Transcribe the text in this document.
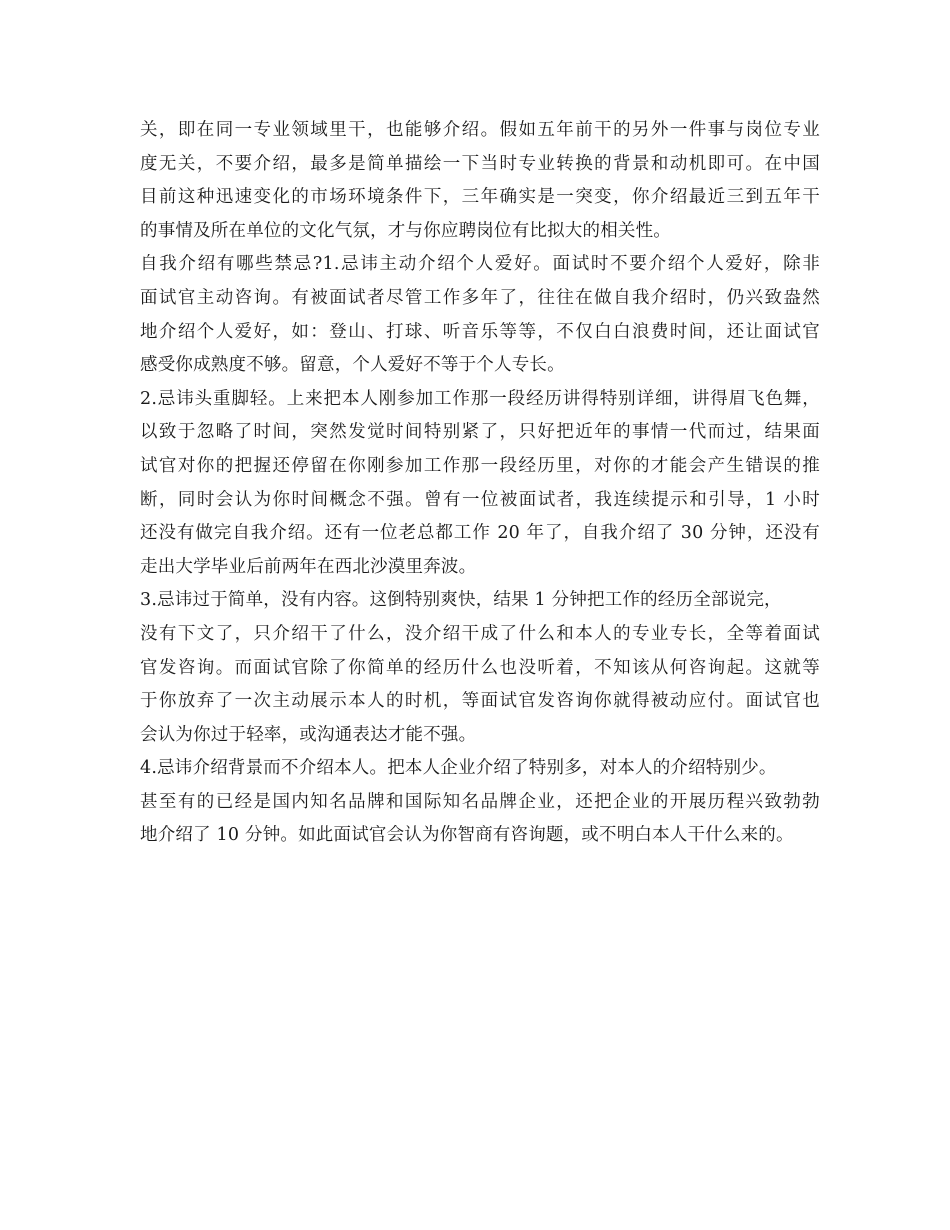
关，即在同一专业领域里干，也能够介绍。假如五年前干的另外一件事与岗位专业
度无关，不要介绍，最多是简单描绘一下当时专业转换的背景和动机即可。在中国
目前这种迅速变化的市场环境条件下，三年确实是一突变，你介绍最近三到五年干
的事情及所在单位的文化气氛，才与你应聘岗位有比拟大的相关性。
自我介绍有哪些禁忌?1.忌讳主动介绍个人爱好。面试时不要介绍个人爱好，除非
面试官主动咨询。有被面试者尽管工作多年了，往往在做自我介绍时，仍兴致盎然
地介绍个人爱好，如：登山、打球、听音乐等等，不仅白白浪费时间，还让面试官
感受你成熟度不够。留意，个人爱好不等于个人专长。
2.忌讳头重脚轻。上来把本人刚参加工作那一段经历讲得特别详细，讲得眉飞色舞，
以致于忽略了时间，突然发觉时间特别紧了，只好把近年的事情一代而过，结果面
试官对你的把握还停留在你刚参加工作那一段经历里，对你的才能会产生错误的推
断，同时会认为你时间概念不强。曾有一位被面试者，我连续提示和引导，1 小时
还没有做完自我介绍。还有一位老总都工作 20 年了，自我介绍了 30 分钟，还没有
走出大学毕业后前两年在西北沙漠里奔波。
3.忌讳过于简单，没有内容。这倒特别爽快，结果 1 分钟把工作的经历全部说完，
没有下文了，只介绍干了什么，没介绍干成了什么和本人的专业专长，全等着面试
官发咨询。而面试官除了你简单的经历什么也没听着，不知该从何咨询起。这就等
于你放弃了一次主动展示本人的时机，等面试官发咨询你就得被动应付。面试官也
会认为你过于轻率，或沟通表达才能不强。
4.忌讳介绍背景而不介绍本人。把本人企业介绍了特别多，对本人的介绍特别少。
甚至有的已经是国内知名品牌和国际知名品牌企业，还把企业的开展历程兴致勃勃
地介绍了 10 分钟。如此面试官会认为你智商有咨询题，或不明白本人干什么来的。
